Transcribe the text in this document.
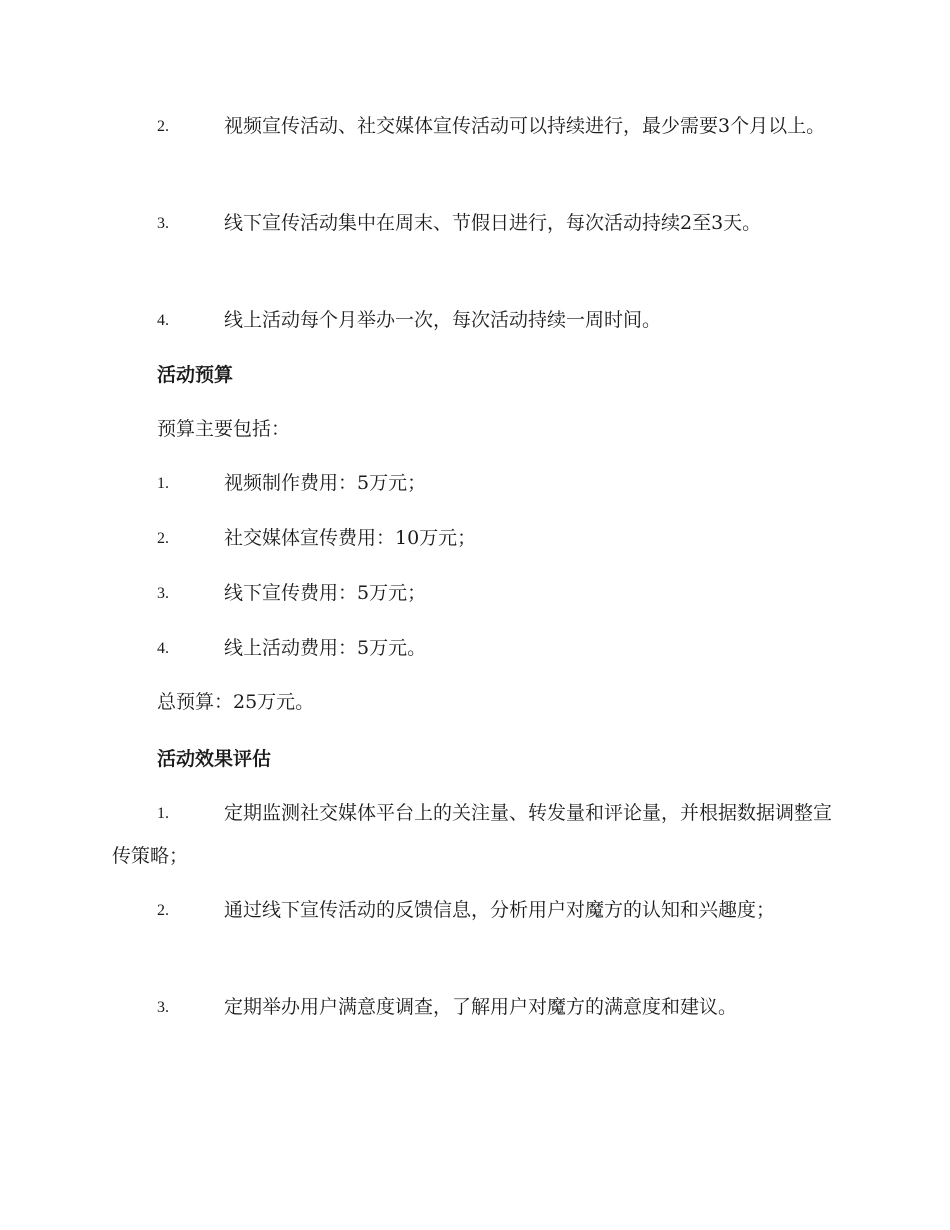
2.	视频宣传活动、社交媒体宣传活动可以持续进行，最少需要3个月以上。
3.	线下宣传活动集中在周末、节假日进行，每次活动持续2至3天。
4.	线上活动每个月举办一次，每次活动持续一周时间。
活动预算
预算主要包括：
1.	视频制作费用：5万元；
2.	社交媒体宣传费用：10万元；
3.	线下宣传费用：5万元；
4.	线上活动费用：5万元。
总预算：25万元。
活动效果评估
1.	定期监测社交媒体平台上的关注量、转发量和评论量，并根据数据调整宣传策略；
2.	通过线下宣传活动的反馈信息，分析用户对魔方的认知和兴趣度；
3.	定期举办用户满意度调查，了解用户对魔方的满意度和建议。
